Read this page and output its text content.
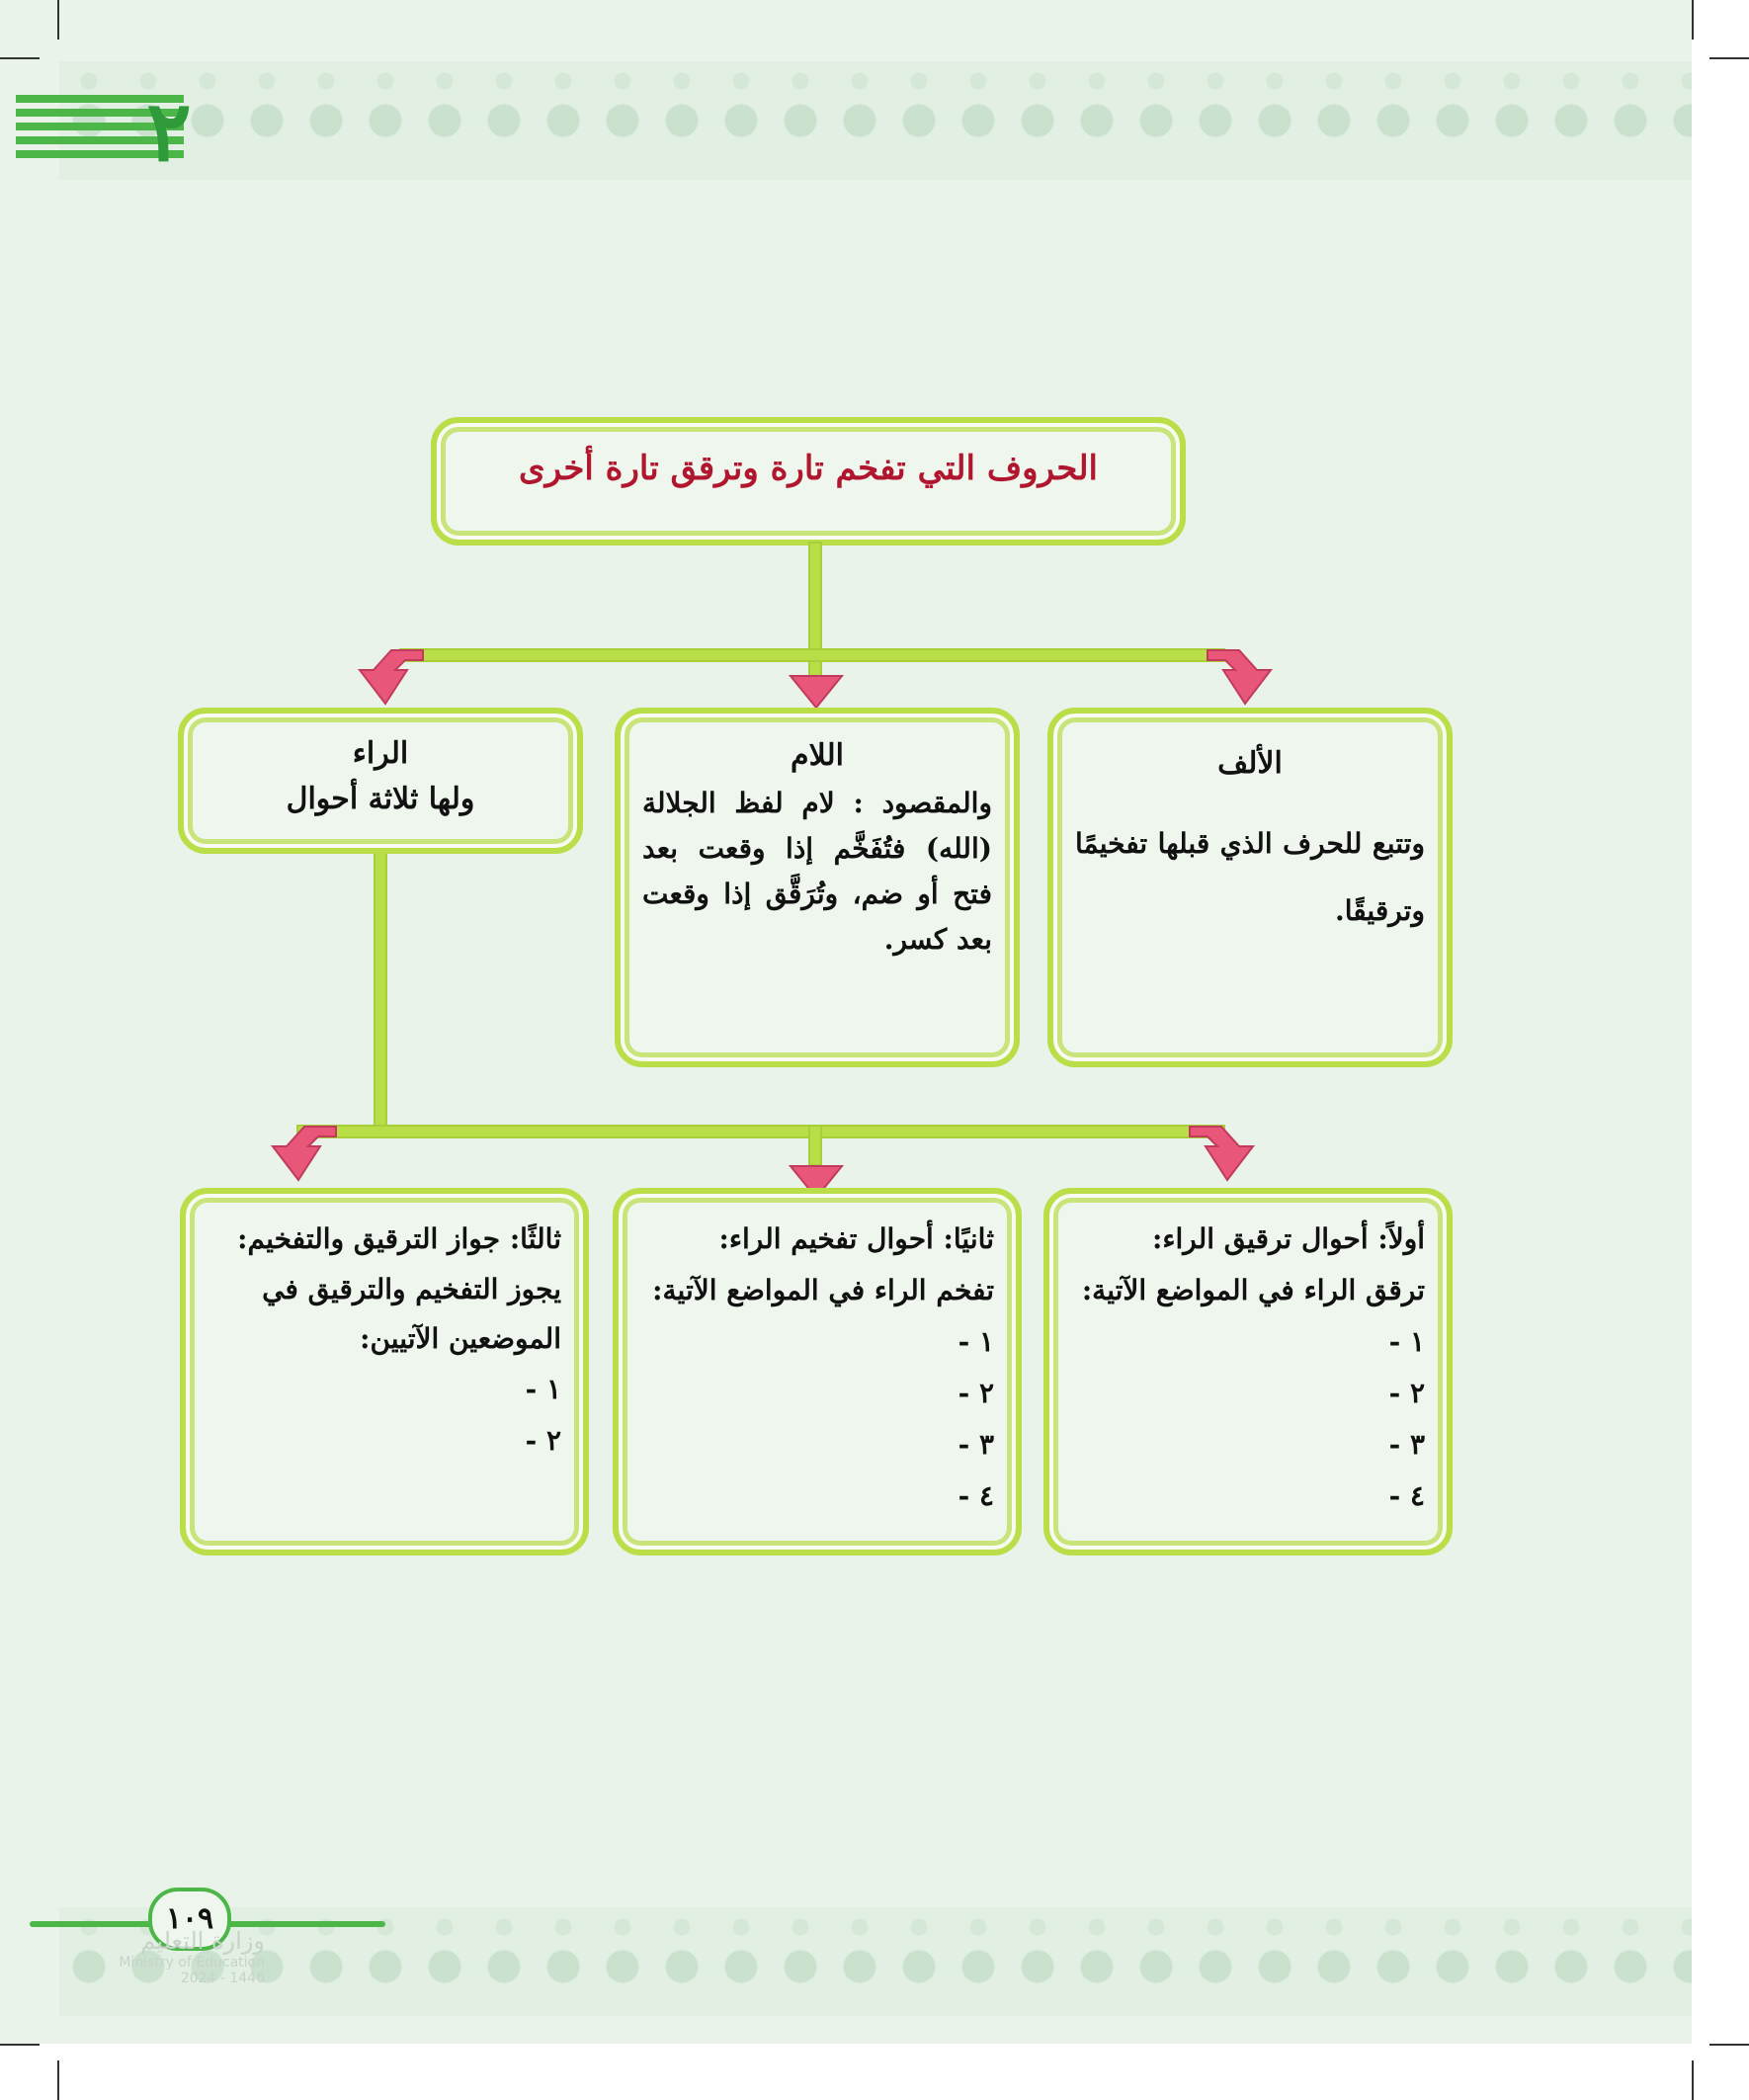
٢
الحروف التي تفخم تارة وترقق تارة أخرى
الألف
وتتبع للحرف الذي قبلها تفخيمًا وترقيقًا.
اللام
والمقصود : لام لفظ الجلالة (الله) فتُفَخَّم إذا وقعت بعد فتح أو ضم، وتُرَقَّق إذا وقعت بعد كسر.
الراء
ولها ثلاثة أحوال
أولاً: أحوال ترقيق الراء:
ترقق الراء في المواضع الآتية:
١ -
٢ -
٣ -
٤ -
ثانيًا: أحوال تفخيم الراء:
تفخم الراء في المواضع الآتية:
١ -
٢ -
٣ -
٤ -
ثالثًا: جواز الترقيق والتفخيم:
يجوز التفخيم والترقيق في الموضعين الآتيين:
١ -
٢ -
١٠٩
وزارة التعليم
Ministry of Education
2024 - 1446
